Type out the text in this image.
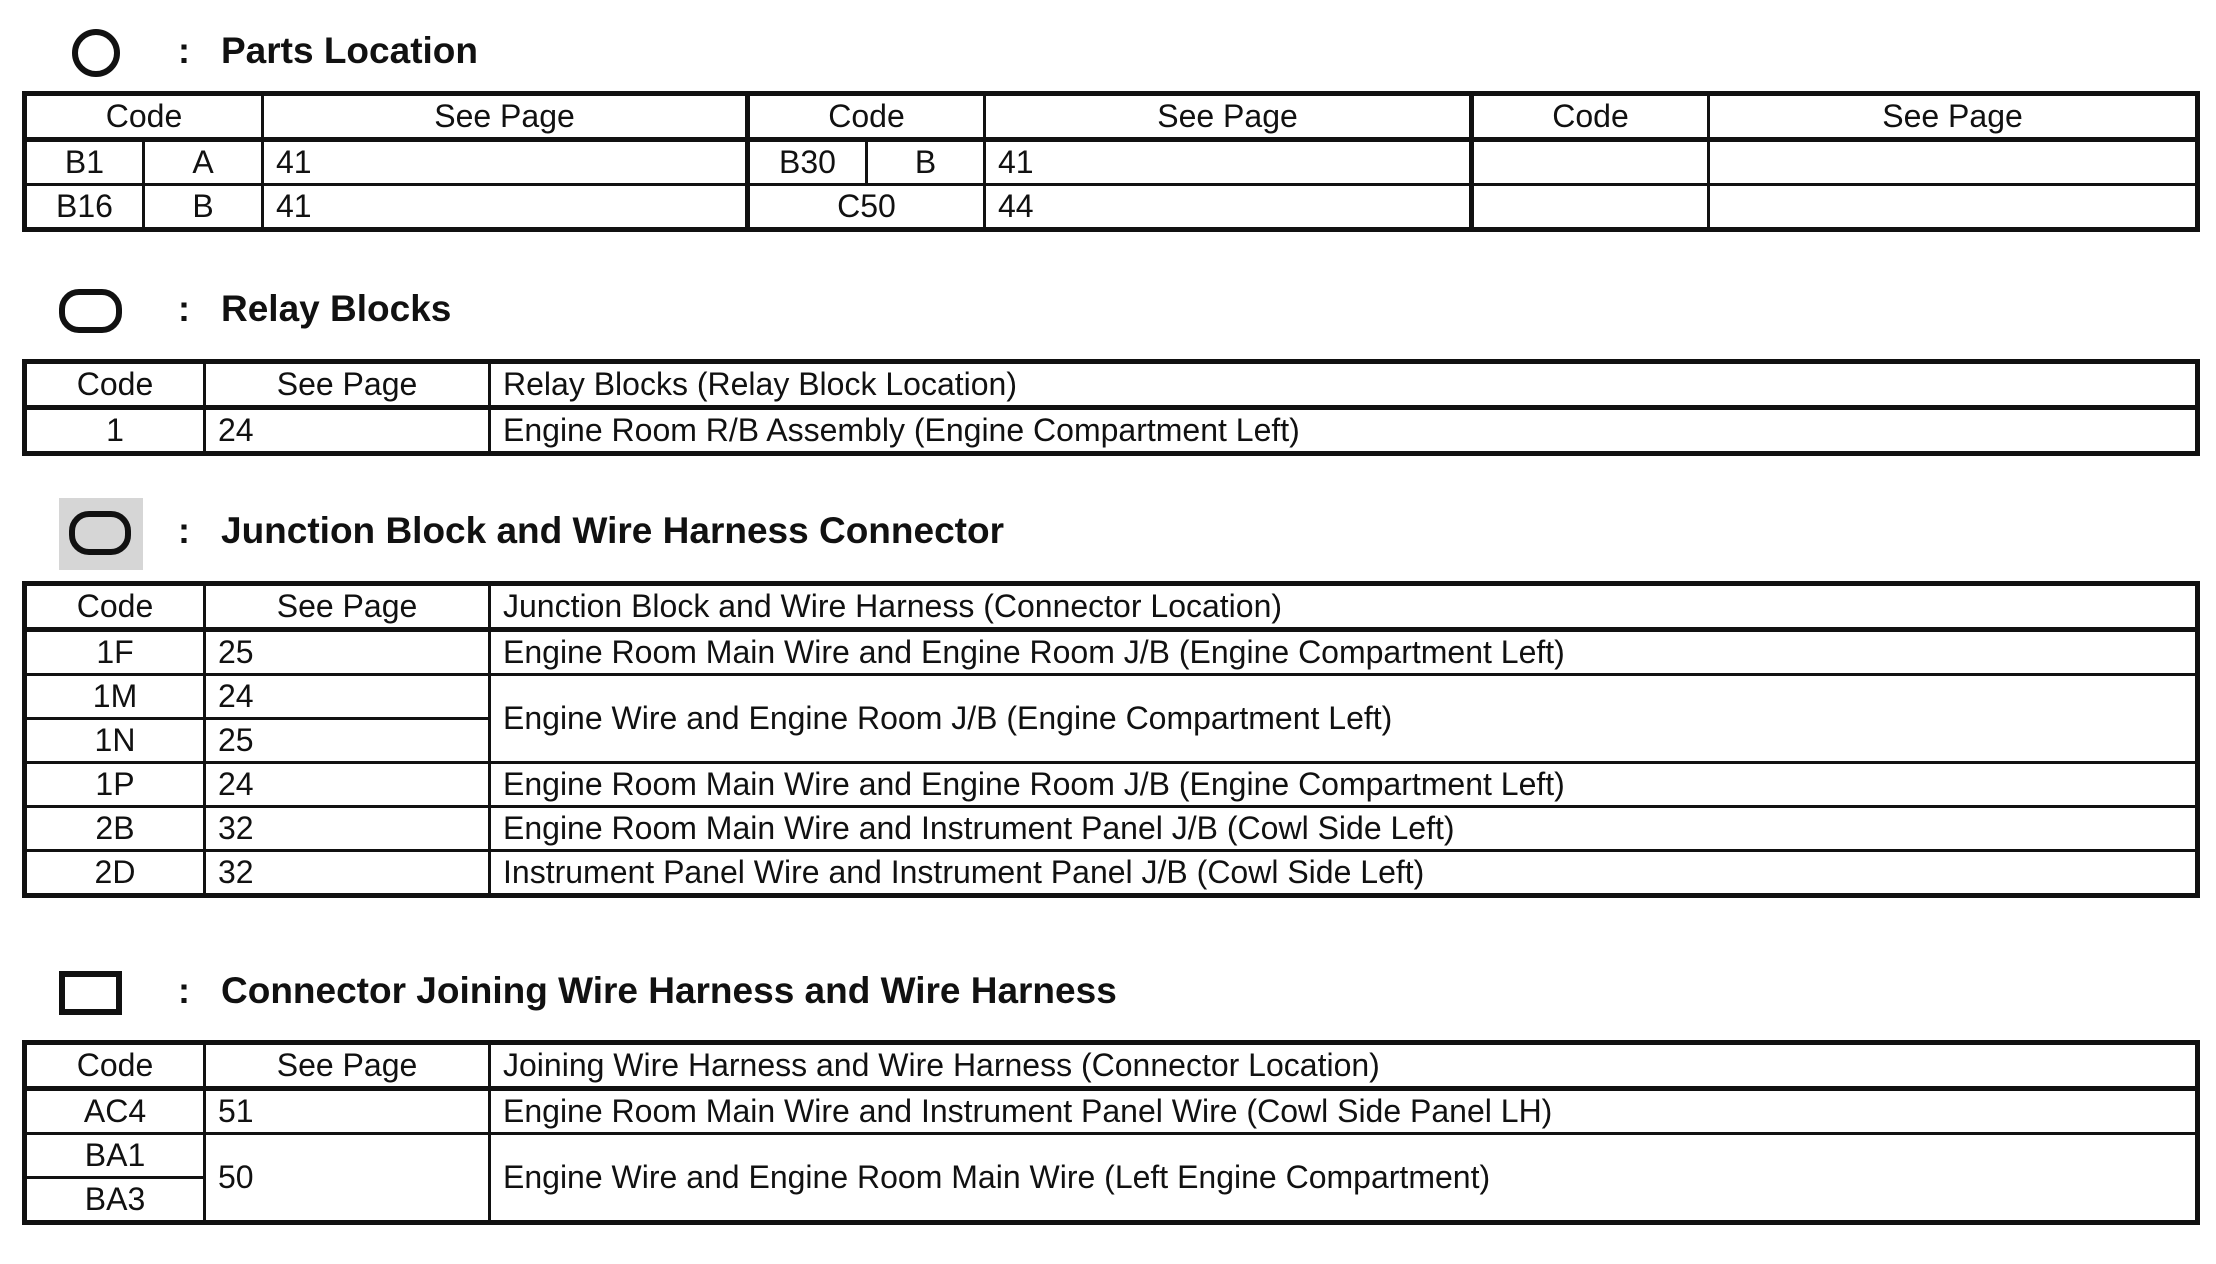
: Parts Location
Code		See Page	Code		See Page	Code	See Page
B1	A	41	B30	B	41		
B16	B	41	C50		44		
: Relay Blocks
Code	See Page	Relay Blocks (Relay Block Location)
1	24	Engine Room R/B Assembly (Engine Compartment Left)
: Junction Block and Wire Harness Connector
Code	See Page	Junction Block and Wire Harness (Connector Location)
1F	25	Engine Room Main Wire and Engine Room J/B (Engine Compartment Left)
1M	24	Engine Wire and Engine Room J/B (Engine Compartment Left)
1N	25	
1P	24	Engine Room Main Wire and Engine Room J/B (Engine Compartment Left)
2B	32	Engine Room Main Wire and Instrument Panel J/B (Cowl Side Left)
2D	32	Instrument Panel Wire and Instrument Panel J/B (Cowl Side Left)
: Connector Joining Wire Harness and Wire Harness
Code	See Page	Joining Wire Harness and Wire Harness (Connector Location)
AC4	51	Engine Room Main Wire and Instrument Panel Wire (Cowl Side Panel LH)
BA1	50	Engine Wire and Engine Room Main Wire (Left Engine Compartment)
BA3		
